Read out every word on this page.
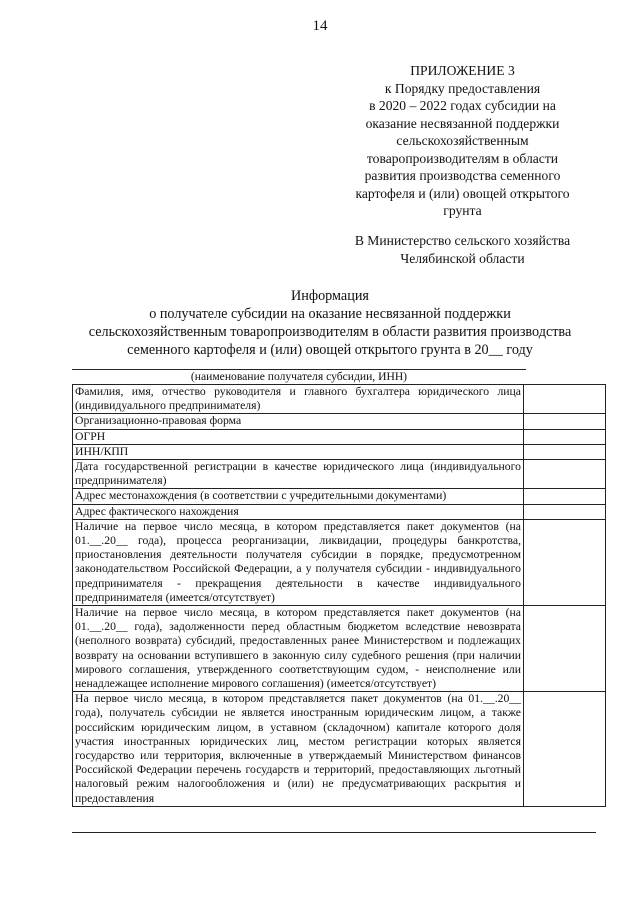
14
ПРИЛОЖЕНИЕ 3
к Порядку предоставления
в 2020 – 2022 годах субсидии на
оказание несвязанной поддержки
сельскохозяйственным
товаропроизводителям в области
развития производства семенного
картофеля и (или) овощей открытого
грунта
В Министерство сельского хозяйства
Челябинской области
Информация
о получателе субсидии на оказание несвязанной поддержки
сельскохозяйственным товаропроизводителям в области развития производства
семенного картофеля и (или) овощей открытого грунта в 20__ году
(наименование получателя субсидии, ИНН)
Фамилия, имя, отчество руководителя и главного бухгалтера юридического лица (индивидуального предпринимателя)	
Организационно-правовая форма	
ОГРН	
ИНН/КПП	
Дата государственной регистрации в качестве юридического лица (индивидуального предпринимателя)	
Адрес местонахождения (в соответствии с учредительными документами)	
Адрес фактического нахождения	
Наличие на первое число месяца, в котором представляется пакет документов (на 01.__.20__ года), процесса реорганизации, ликвидации, процедуры банкротства, приостановления деятельности получателя субсидии в порядке, предусмотренном законодательством Российской Федерации, а у получателя субсидии - индивидуального предпринимателя - прекращения деятельности в качестве индивидуального предпринимателя (имеется/отсутствует)	
Наличие на первое число месяца, в котором представляется пакет документов (на 01.__.20__ года), задолженности перед областным бюджетом вследствие невозврата (неполного возврата) субсидий, предоставленных ранее Министерством и подлежащих возврату на основании вступившего в законную силу судебного решения (при наличии мирового соглашения, утвержденного соответствующим судом, - неисполнение или ненадлежащее исполнение мирового соглашения) (имеется/отсутствует)	
На первое число месяца, в котором представляется пакет документов (на 01.__.20__ года), получатель субсидии не является иностранным юридическим лицом, а также российским юридическим лицом, в уставном (складочном) капитале которого доля участия иностранных юридических лиц, местом регистрации которых является государство или территория, включенные в утверждаемый Министерством финансов Российской Федерации перечень государств и территорий, предоставляющих льготный налоговый режим налогообложения и (или) не предусматривающих раскрытия и предоставления	
